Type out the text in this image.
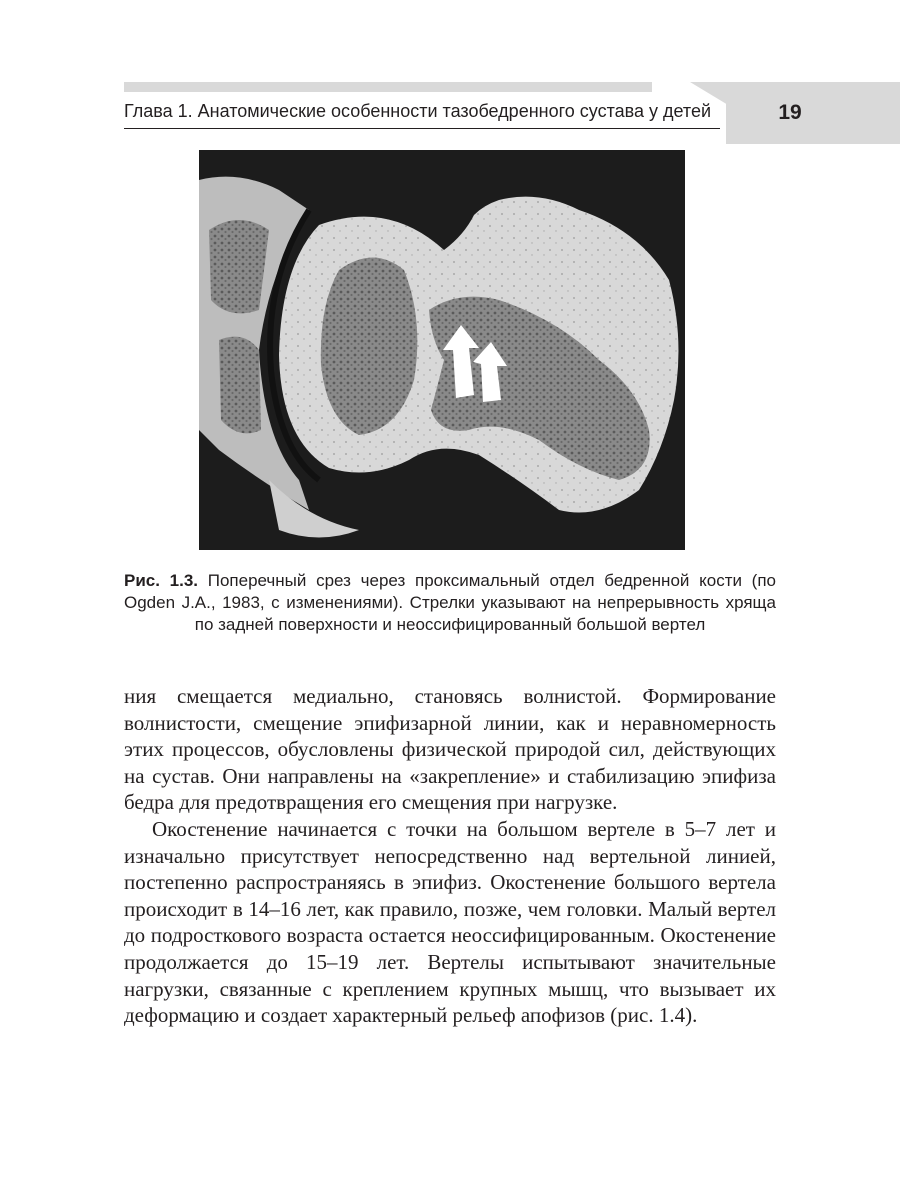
Глава 1. Анатомические особенности тазобедренного сустава у детей	19
Рис. 1.3. Поперечный срез через проксимальный отдел бедренной кости (по Ogden J.A., 1983, с изменениями). Стрелки указывают на непрерывность хряща по задней поверхности и неоссифицированный большой вертел

ния смещается медиально, становясь волнистой. Формирование волнистости, смещение эпифизарной линии, как и неравномерность этих процессов, обусловлены физической природой сил, действующих на сустав. Они направлены на «закрепление» и стабилизацию эпифиза бедра для предотвращения его смещения при нагрузке.

Окостенение начинается с точки на большом вертеле в 5–7 лет и изначально присутствует непосредственно над вертельной линией, постепенно распространяясь в эпифиз. Окостенение большого вертела происходит в 14–16 лет, как правило, позже, чем головки. Малый вертел до подросткового возраста остается неоссифицированным. Окостенение продолжается до 15–19 лет. Вертелы испытывают значительные нагрузки, связанные с креплением крупных мышц, что вызывает их деформацию и создает характерный рельеф апофизов (рис. 1.4).
